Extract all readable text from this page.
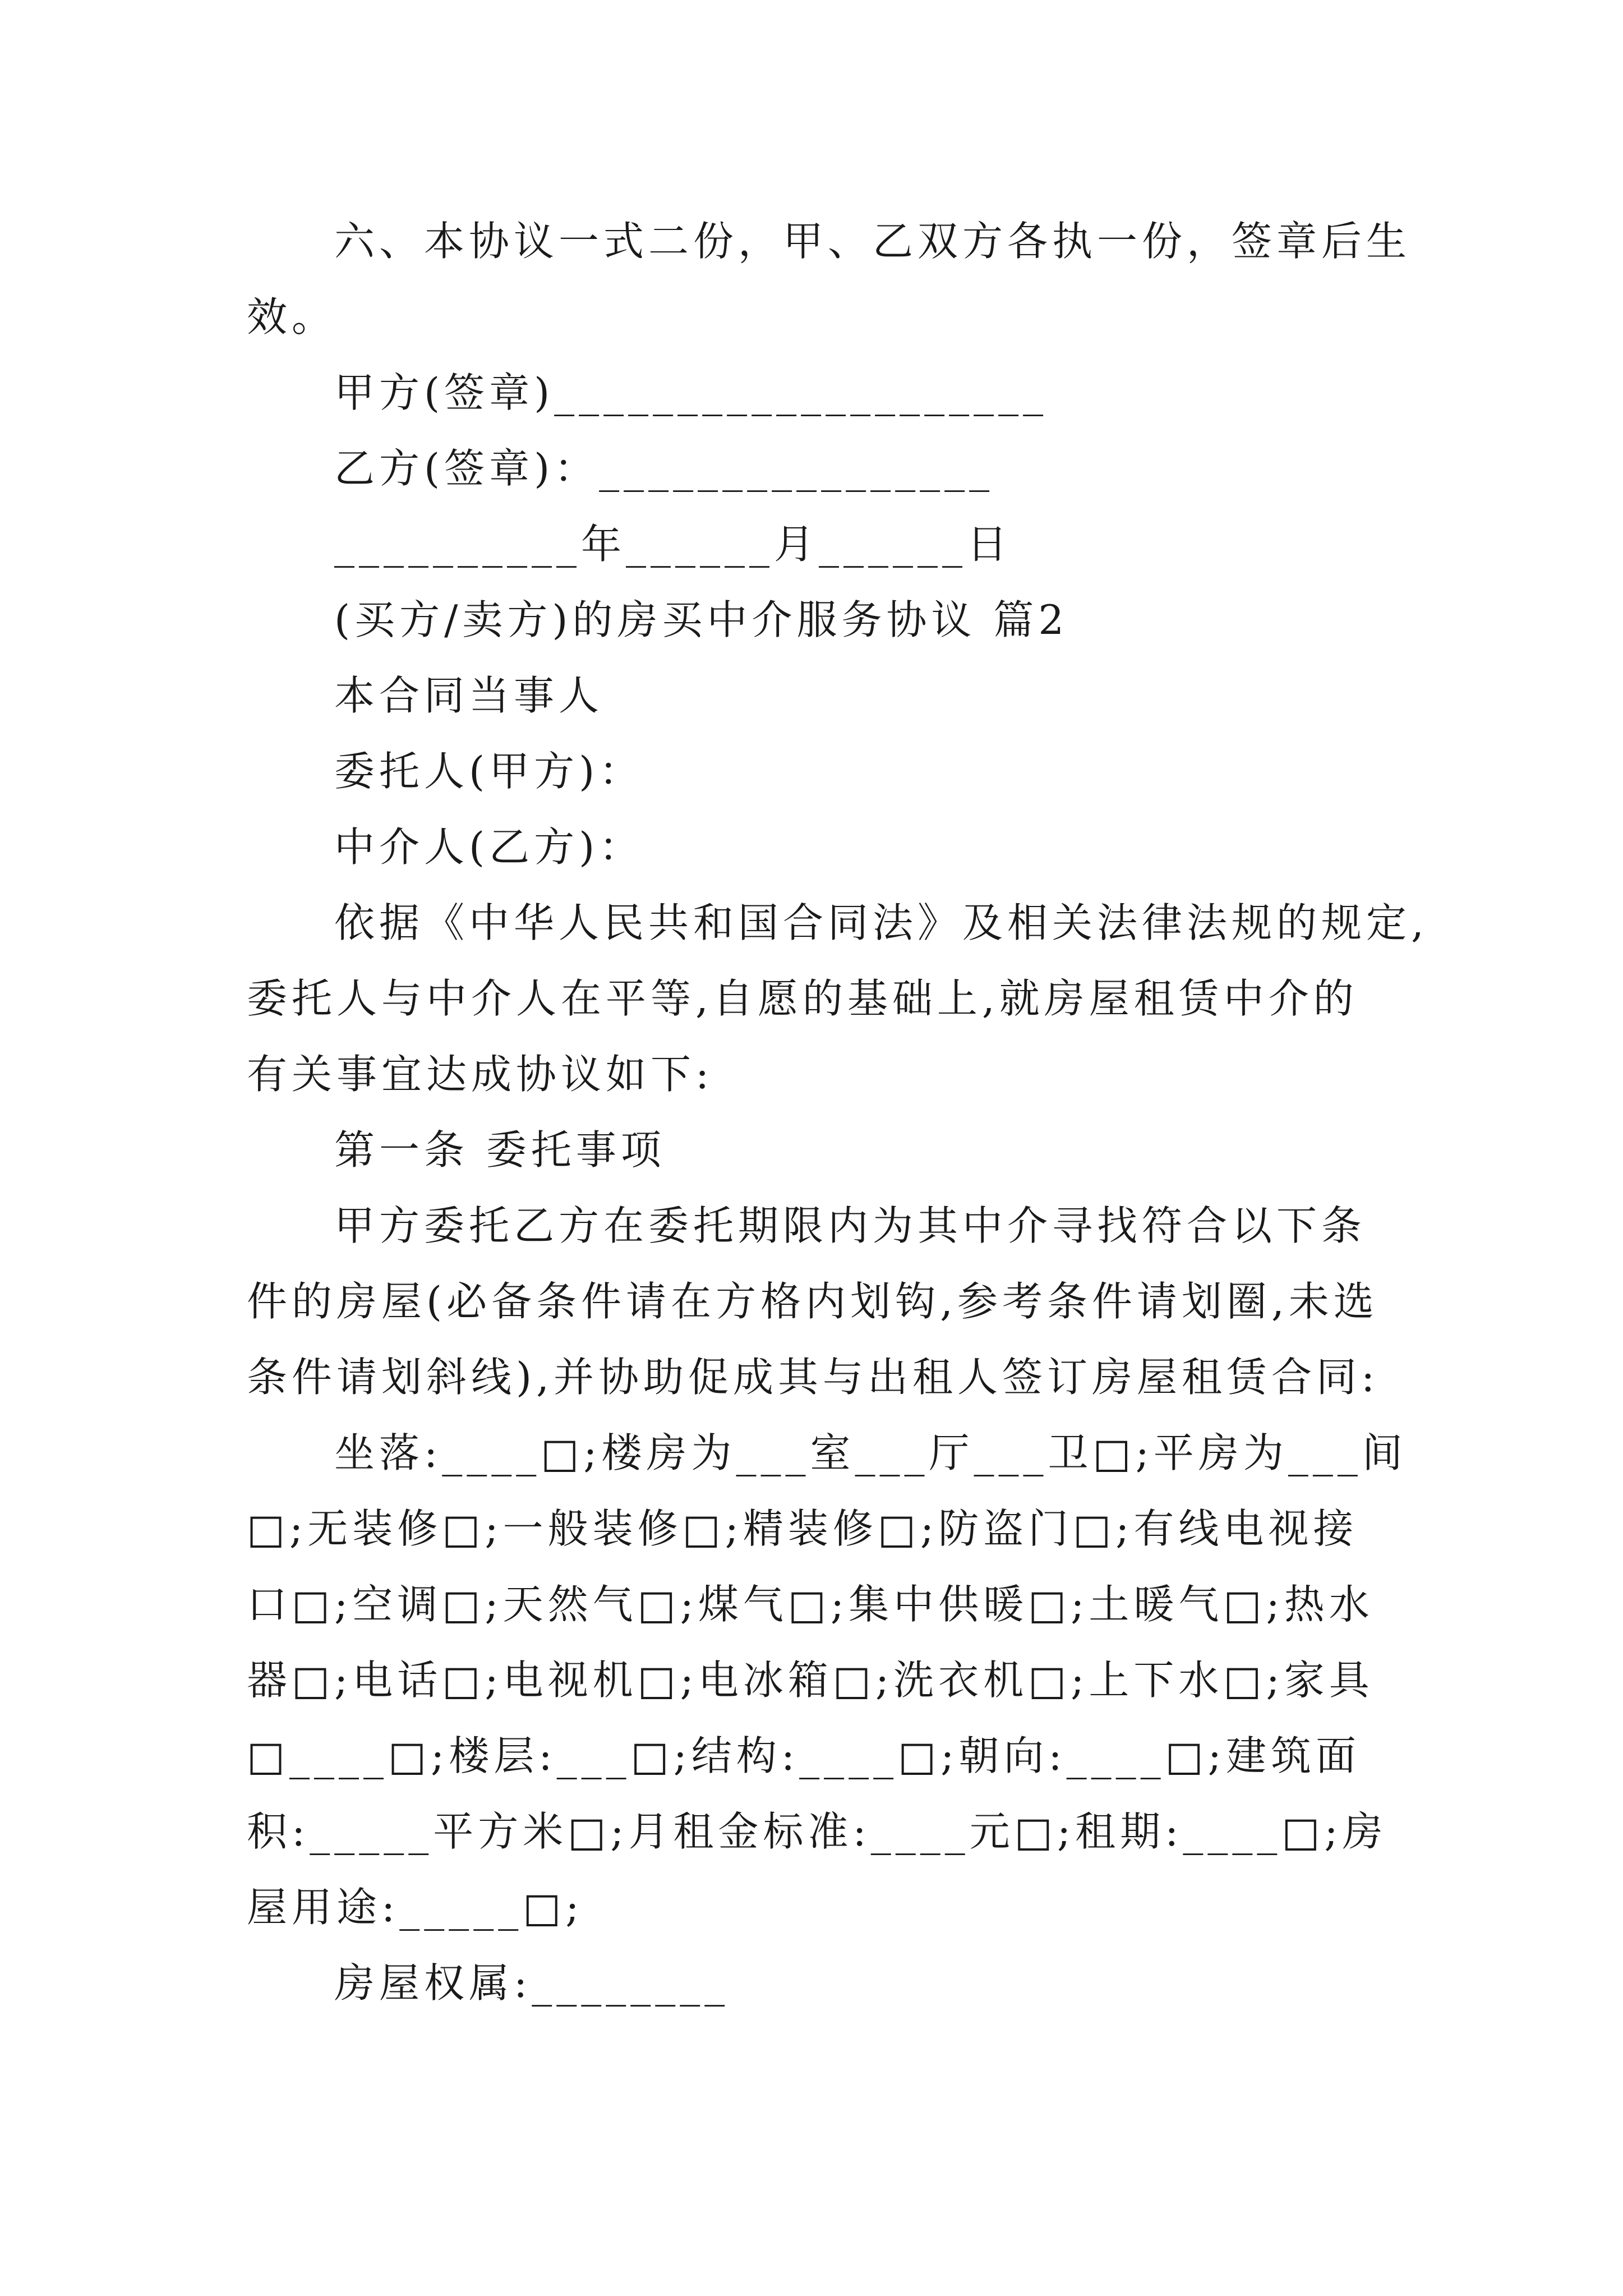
六、本协议一式二份，甲、乙双方各执一份，签章后生
效。
甲方(签章)____________________
乙方(签章)：________________
__________年______月______日
(买方/卖方)的房买中介服务协议 篇2
本合同当事人
委托人(甲方)：
中介人(乙方)：
依据《中华人民共和国合同法》及相关法律法规的规定,
委托人与中介人在平等,自愿的基础上,就房屋租赁中介的
有关事宜达成协议如下:
第一条 委托事项
甲方委托乙方在委托期限内为其中介寻找符合以下条
件的房屋(必备条件请在方格内划钩,参考条件请划圈,未选
条件请划斜线),并协助促成其与出租人签订房屋租赁合同:
坐落:____□;楼房为___室___厅___卫□;平房为___间
□;无装修□;一般装修□;精装修□;防盗门□;有线电视接
口□;空调□;天然气□;煤气□;集中供暖□;土暖气□;热水
器□;电话□;电视机□;电冰箱□;洗衣机□;上下水□;家具
□____□;楼层:___□;结构:____□;朝向:____□;建筑面
积:_____平方米□;月租金标准:____元□;租期:____□;房
屋用途:_____□;
房屋权属:________
